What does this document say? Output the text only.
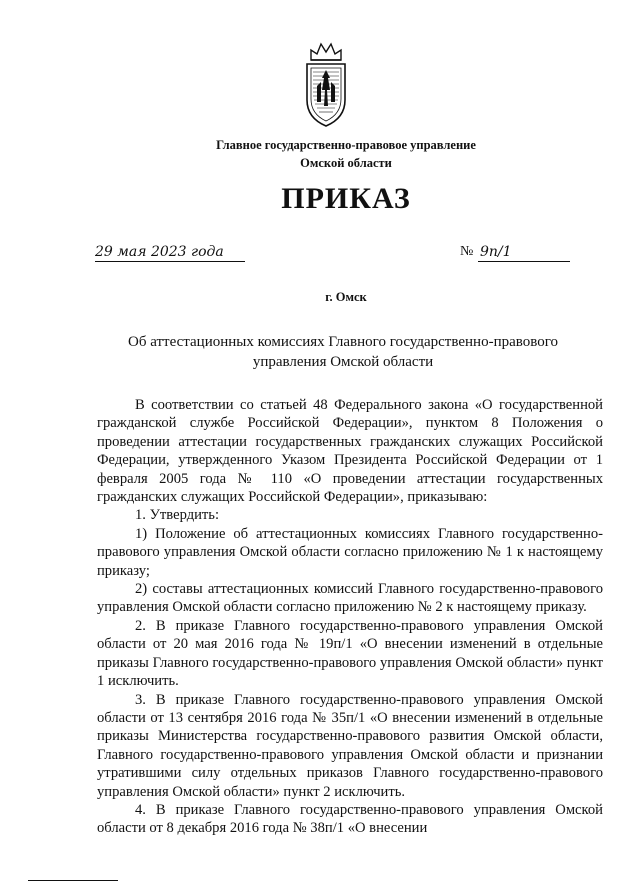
Главное государственно-правовое управление
Омской области
ПРИКАЗ
29 мая 2023 года	№ 9п/1
г. Омск
Об аттестационных комиссиях Главного государственно-правового управления Омской области

В соответствии со статьей 48 Федерального закона «О государственной гражданской службе Российской Федерации», пунктом 8 Положения о проведении аттестации государственных гражданских служащих Российской Федерации, утвержденного Указом Президента Российской Федерации от 1 февраля 2005 года № 110 «О проведении аттестации государственных гражданских служащих Российской Федерации», приказываю:

1. Утвердить:

1) Положение об аттестационных комиссиях Главного государственно-правового управления Омской области согласно приложению № 1 к настоящему приказу;

2) составы аттестационных комиссий Главного государственно-правового управления Омской области согласно приложению № 2 к настоящему приказу.

2. В приказе Главного государственно-правового управления Омской области от 20 мая 2016 года № 19п/1 «О внесении изменений в отдельные приказы Главного государственно-правового управления Омской области» пункт 1 исключить.

3. В приказе Главного государственно-правового управления Омской области от 13 сентября 2016 года № 35п/1 «О внесении изменений в отдельные приказы Министерства государственно-правового развития Омской области, Главного государственно-правового управления Омской области и признании утратившими силу отдельных приказов Главного государственно-правового управления Омской области» пункт 2 исключить.

4. В приказе Главного государственно-правового управления Омской области от 8 декабря 2016 года № 38п/1 «О внесении
